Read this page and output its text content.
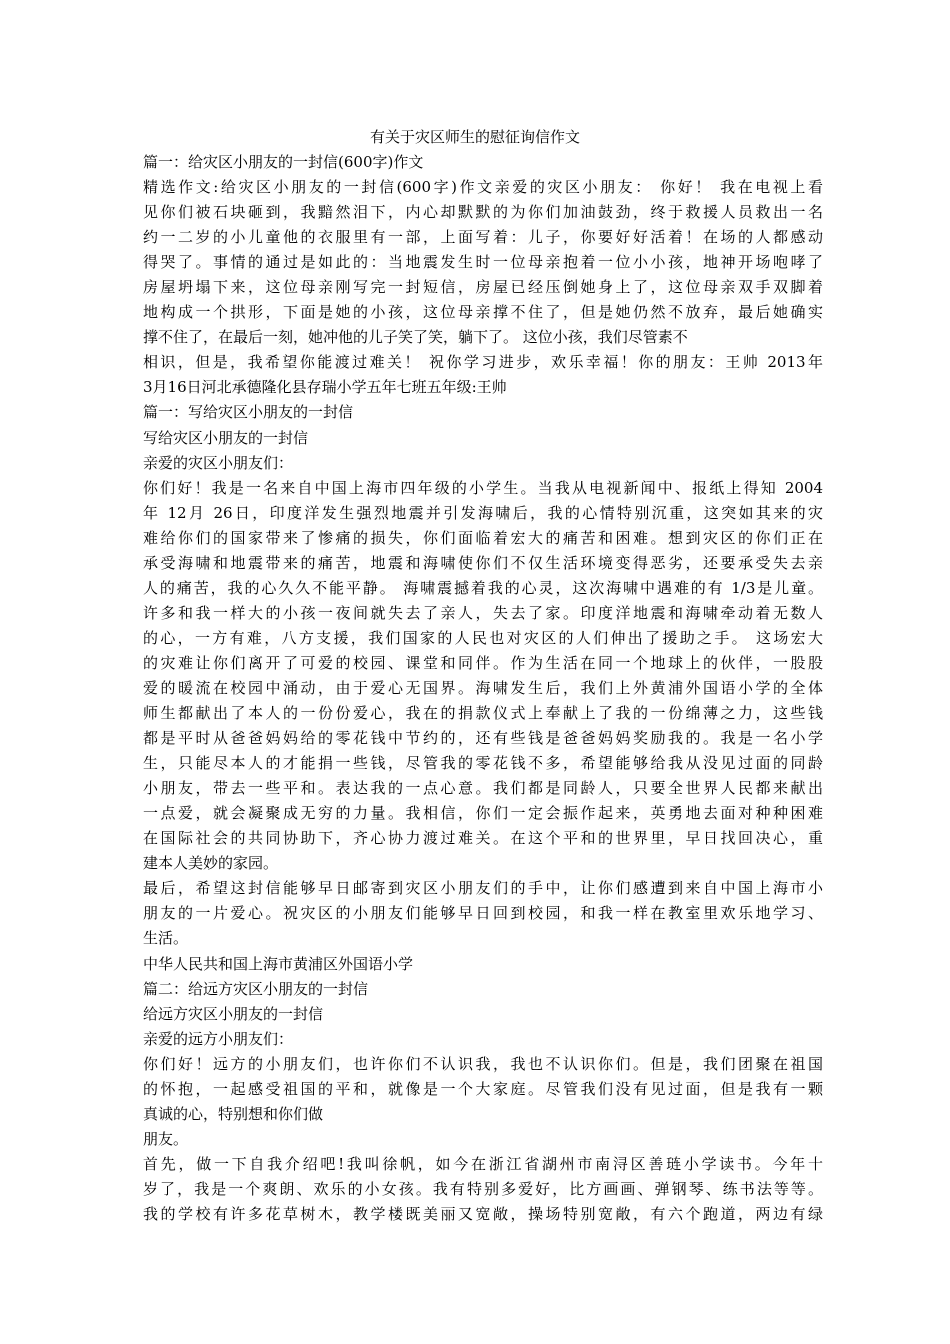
有关于灾区师生的慰征询信作文
篇一：给灾区小朋友的一封信(600字)作文
精选作文:给灾区小朋友的一封信(600字)作文亲爱的灾区小朋友： 你好！ 我在电视上看
见你们被石块砸到，我黯然泪下，内心却默默的为你们加油鼓劲，终于救援人员救出一名
约一二岁的小儿童他的衣服里有一部，上面写着：儿子，你要好好活着！在场的人都感动
得哭了。事情的通过是如此的：当地震发生时一位母亲抱着一位小小孩，地神开场咆哮了
房屋坍塌下来，这位母亲刚写完一封短信，房屋已经压倒她身上了，这位母亲双手双脚着
地构成一个拱形，下面是她的小孩，这位母亲撑不住了，但是她仍然不放弃，最后她确实
撑不住了，在最后一刻，她冲他的儿子笑了笑，躺下了。 这位小孩，我们尽管素不
相识，但是，我希望你能渡过难关！ 祝你学习进步，欢乐幸福！你的朋友：王帅 2013年
3月16日河北承德隆化县存瑞小学五年七班五年级:王帅
篇一：写给灾区小朋友的一封信
写给灾区小朋友的一封信
亲爱的灾区小朋友们：
你们好！我是一名来自中国上海市四年级的小学生。当我从电视新闻中、报纸上得知 2004
年 12月 26日，印度洋发生强烈地震并引发海啸后，我的心情特别沉重，这突如其来的灾
难给你们的国家带来了惨痛的损失，你们面临着宏大的痛苦和困难。想到灾区的你们正在
承受海啸和地震带来的痛苦，地震和海啸使你们不仅生活环境变得恶劣，还要承受失去亲
人的痛苦，我的心久久不能平静。 海啸震撼着我的心灵，这次海啸中遇难的有 1/3是儿童。
许多和我一样大的小孩一夜间就失去了亲人，失去了家。印度洋地震和海啸牵动着无数人
的心，一方有难，八方支援，我们国家的人民也对灾区的人们伸出了援助之手。 这场宏大
的灾难让你们离开了可爱的校园、课堂和同伴。作为生活在同一个地球上的伙伴，一股股
爱的暖流在校园中涌动，由于爱心无国界。海啸发生后，我们上外黄浦外国语小学的全体
师生都献出了本人的一份份爱心，我在的捐款仪式上奉献上了我的一份绵薄之力，这些钱
都是平时从爸爸妈妈给的零花钱中节约的，还有些钱是爸爸妈妈奖励我的。我是一名小学
生，只能尽本人的才能捐一些钱，尽管我的零花钱不多，希望能够给我从没见过面的同龄
小朋友，带去一些平和。表达我的一点心意。我们都是同龄人，只要全世界人民都来献出
一点爱，就会凝聚成无穷的力量。我相信，你们一定会振作起来，英勇地去面对种种困难
在国际社会的共同协助下，齐心协力渡过难关。在这个平和的世界里，早日找回决心，重
建本人美妙的家园。
最后，希望这封信能够早日邮寄到灾区小朋友们的手中，让你们感遭到来自中国上海市小
朋友的一片爱心。祝灾区的小朋友们能够早日回到校园，和我一样在教室里欢乐地学习、
生活。
中华人民共和国上海市黄浦区外国语小学
篇二：给远方灾区小朋友的一封信
给远方灾区小朋友的一封信
亲爱的远方小朋友们：
你们好！远方的小朋友们，也许你们不认识我，我也不认识你们。但是，我们团聚在祖国
的怀抱，一起感受祖国的平和，就像是一个大家庭。尽管我们没有见过面，但是我有一颗
真诚的心，特别想和你们做
朋友。
首先，做一下自我介绍吧!我叫徐帆，如今在浙江省湖州市南浔区善琏小学读书。今年十
岁了，我是一个爽朗、欢乐的小女孩。我有特别多爱好，比方画画、弹钢琴、练书法等等。
我的学校有许多花草树木，教学楼既美丽又宽敞，操场特别宽敞，有六个跑道，两边有绿
